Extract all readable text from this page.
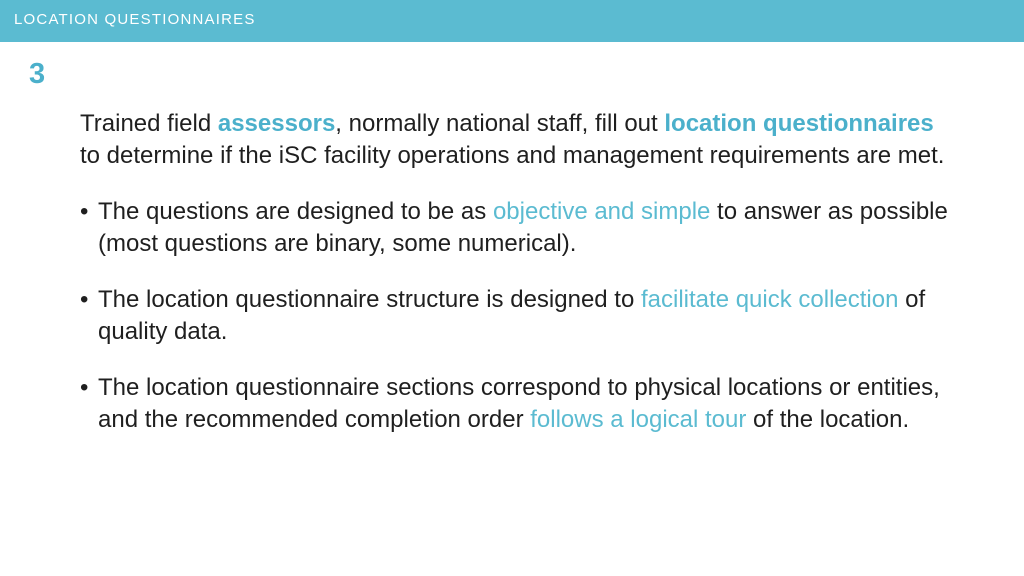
LOCATION QUESTIONNAIRES
3

Trained field assessors, normally national staff, fill out location questionnaires to determine if the iSC facility operations and management requirements are met.

• The questions are designed to be as objective and simple to answer as possible (most questions are binary, some numerical).
• The location questionnaire structure is designed to facilitate quick collection of quality data.
• The location questionnaire sections correspond to physical locations or entities, and the recommended completion order follows a logical tour of the location.
